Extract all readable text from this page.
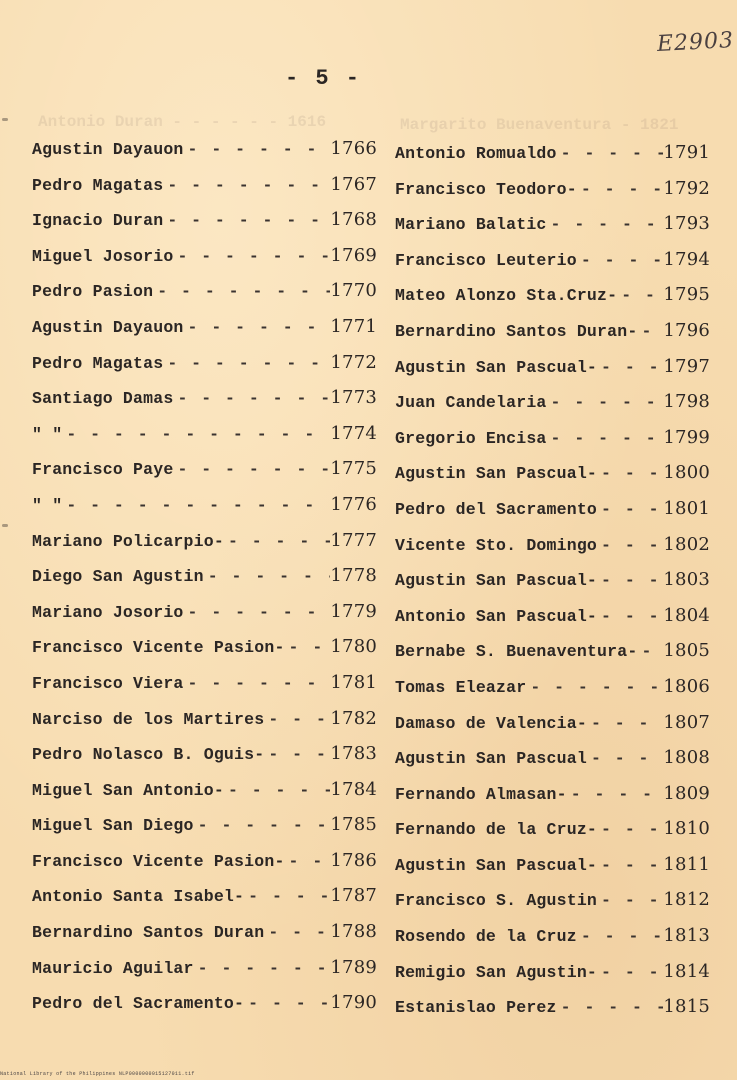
E2903
- 5 -
Antonio Duran - - - - - - 1616	Margarito Buenaventura - 1821
Agustin Dayauon - - -	1766
Pedro Magatas - - -	1767
Ignacio Duran - - -	1768
Miguel Josorio - - -	1769
Pedro Pasion - - -	1770
Agustin Dayauon - - -	1771
Pedro Magatas - - -	1772
Santiago Damas - - -	1773
" " - - -	1774
Francisco Paye - - -	1775
" " - - -	1776
Mariano Policarpio- - - -	1777
Diego San Agustin - - -	1778
Mariano Josorio - - -	1779
Francisco Vicente Pasion- - - -	1780
Francisco Viera - - -	1781
Narciso de los Martires - - -	1782
Pedro Nolasco B. Oguis- - - -	1783
Miguel San Antonio- - - -	1784
Miguel San Diego - - -	1785
Francisco Vicente Pasion- - - -	1786
Antonio Santa Isabel- - - -	1787
Bernardino Santos Duran - - -	1788
Mauricio Aguilar - - -	1789
Pedro del Sacramento- - - -	1790
Antonio Romualdo - - -	1791
Francisco Teodoro- - - -	1792
Mariano Balatic - - -	1793
Francisco Leuterio - - -	1794
Mateo Alonzo Sta.Cruz- - - -	1795
Bernardino Santos Duran- - - - 1796
Agustin San Pascual- - - -	1797
Juan Candelaria - - -	1798
Gregorio Encisa - - -	1799
Agustin San Pascual- - - -	1800
Pedro del Sacramento - - -	1801
Vicente Sto. Domingo - - -	1802
Agustin San Pascual- - - -	1803
Antonio San Pascual- - - -	1804
Bernabe S. Buenaventura- - - - 1805
Tomas Eleazar - - -	1806
Damaso de Valencia- - - -	1807
Agustin San Pascual - - -	1808
Fernando Almasan- - - -	1809
Fernando de la Cruz- - - -	1810
Agustin San Pascual- - - -	1811
Francisco S. Agustin - - -	1812
Rosendo de la Cruz - - -	1813
Remigio San Agustin- - - -	1814
Estanislao Perez - - -	1815
National Library of the Philippines NLP0000000015127011.tif
